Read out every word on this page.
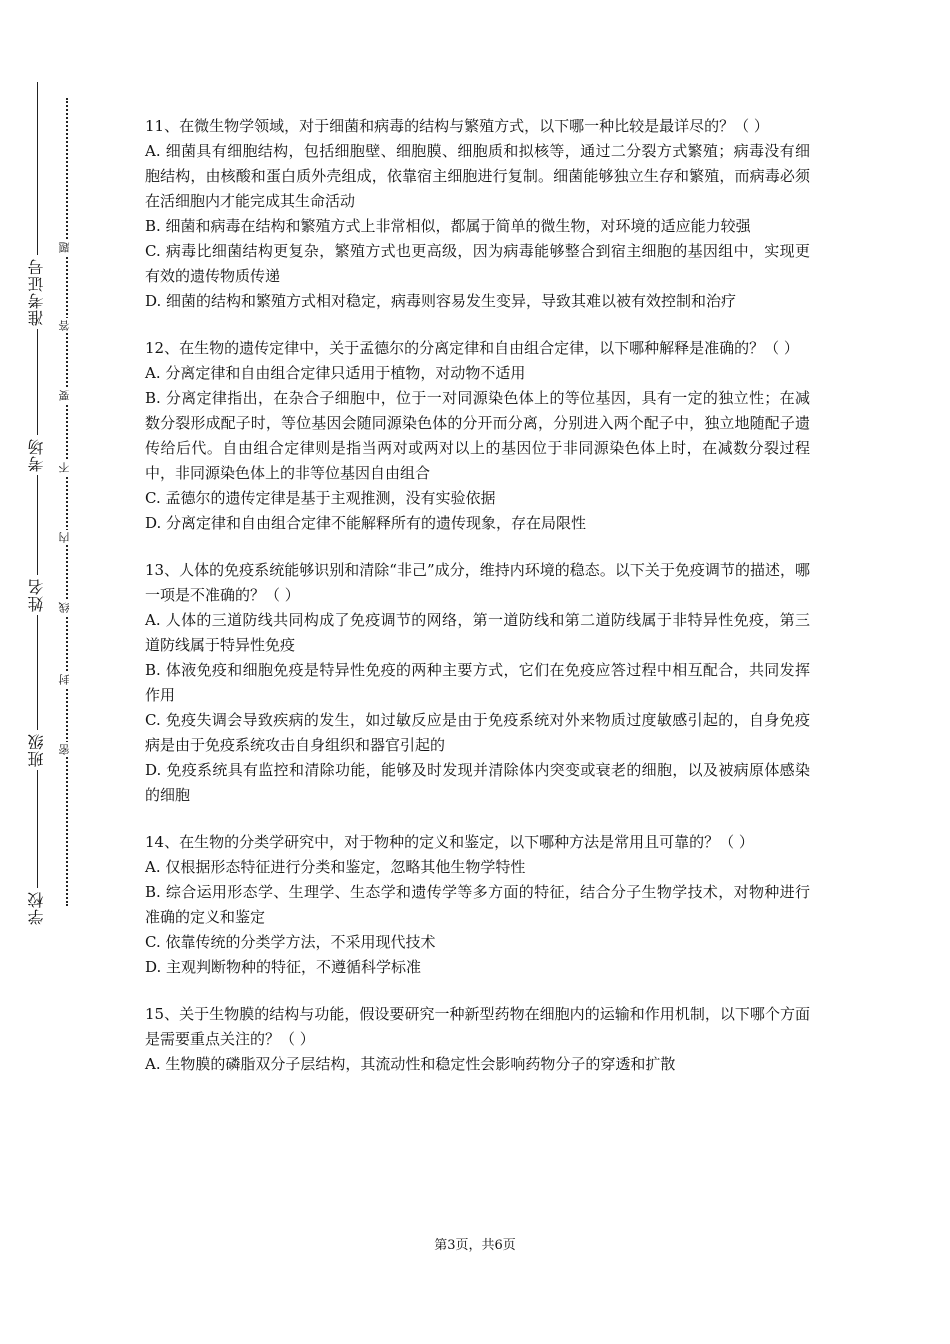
准考证号
考场
姓名
班级
学校
题
答
要
不
内
线
封
密

11、在微生物学领域，对于细菌和病毒的结构与繁殖方式，以下哪一种比较是最详尽的？（ ）

A. 细菌具有细胞结构，包括细胞壁、细胞膜、细胞质和拟核等，通过二分裂方式繁殖；病毒没有细胞结构，由核酸和蛋白质外壳组成，依靠宿主细胞进行复制。细菌能够独立生存和繁殖，而病毒必须在活细胞内才能完成其生命活动

B. 细菌和病毒在结构和繁殖方式上非常相似，都属于简单的微生物，对环境的适应能力较强

C. 病毒比细菌结构更复杂，繁殖方式也更高级，因为病毒能够整合到宿主细胞的基因组中，实现更有效的遗传物质传递

D. 细菌的结构和繁殖方式相对稳定，病毒则容易发生变异，导致其难以被有效控制和治疗

12、在生物的遗传定律中，关于孟德尔的分离定律和自由组合定律，以下哪种解释是准确的？（ ）

A. 分离定律和自由组合定律只适用于植物，对动物不适用

B. 分离定律指出，在杂合子细胞中，位于一对同源染色体上的等位基因，具有一定的独立性；在减数分裂形成配子时，等位基因会随同源染色体的分开而分离，分别进入两个配子中，独立地随配子遗传给后代。自由组合定律则是指当两对或两对以上的基因位于非同源染色体上时，在减数分裂过程中，非同源染色体上的非等位基因自由组合

C. 孟德尔的遗传定律是基于主观推测，没有实验依据

D. 分离定律和自由组合定律不能解释所有的遗传现象，存在局限性

13、人体的免疫系统能够识别和清除“非己”成分，维持内环境的稳态。以下关于免疫调节的描述，哪一项是不准确的？（ ）

A. 人体的三道防线共同构成了免疫调节的网络，第一道防线和第二道防线属于非特异性免疫，第三道防线属于特异性免疫

B. 体液免疫和细胞免疫是特异性免疫的两种主要方式，它们在免疫应答过程中相互配合，共同发挥作用

C. 免疫失调会导致疾病的发生，如过敏反应是由于免疫系统对外来物质过度敏感引起的，自身免疫病是由于免疫系统攻击自身组织和器官引起的

D. 免疫系统具有监控和清除功能，能够及时发现并清除体内突变或衰老的细胞，以及被病原体感染的细胞

14、在生物的分类学研究中，对于物种的定义和鉴定，以下哪种方法是常用且可靠的？（ ）

A. 仅根据形态特征进行分类和鉴定，忽略其他生物学特性

B. 综合运用形态学、生理学、生态学和遗传学等多方面的特征，结合分子生物学技术，对物种进行准确的定义和鉴定

C. 依靠传统的分类学方法，不采用现代技术

D. 主观判断物种的特征，不遵循科学标准

15、关于生物膜的结构与功能，假设要研究一种新型药物在细胞内的运输和作用机制，以下哪个方面是需要重点关注的？（ ）

A. 生物膜的磷脂双分子层结构，其流动性和稳定性会影响药物分子的穿透和扩散

第3页，共6页
